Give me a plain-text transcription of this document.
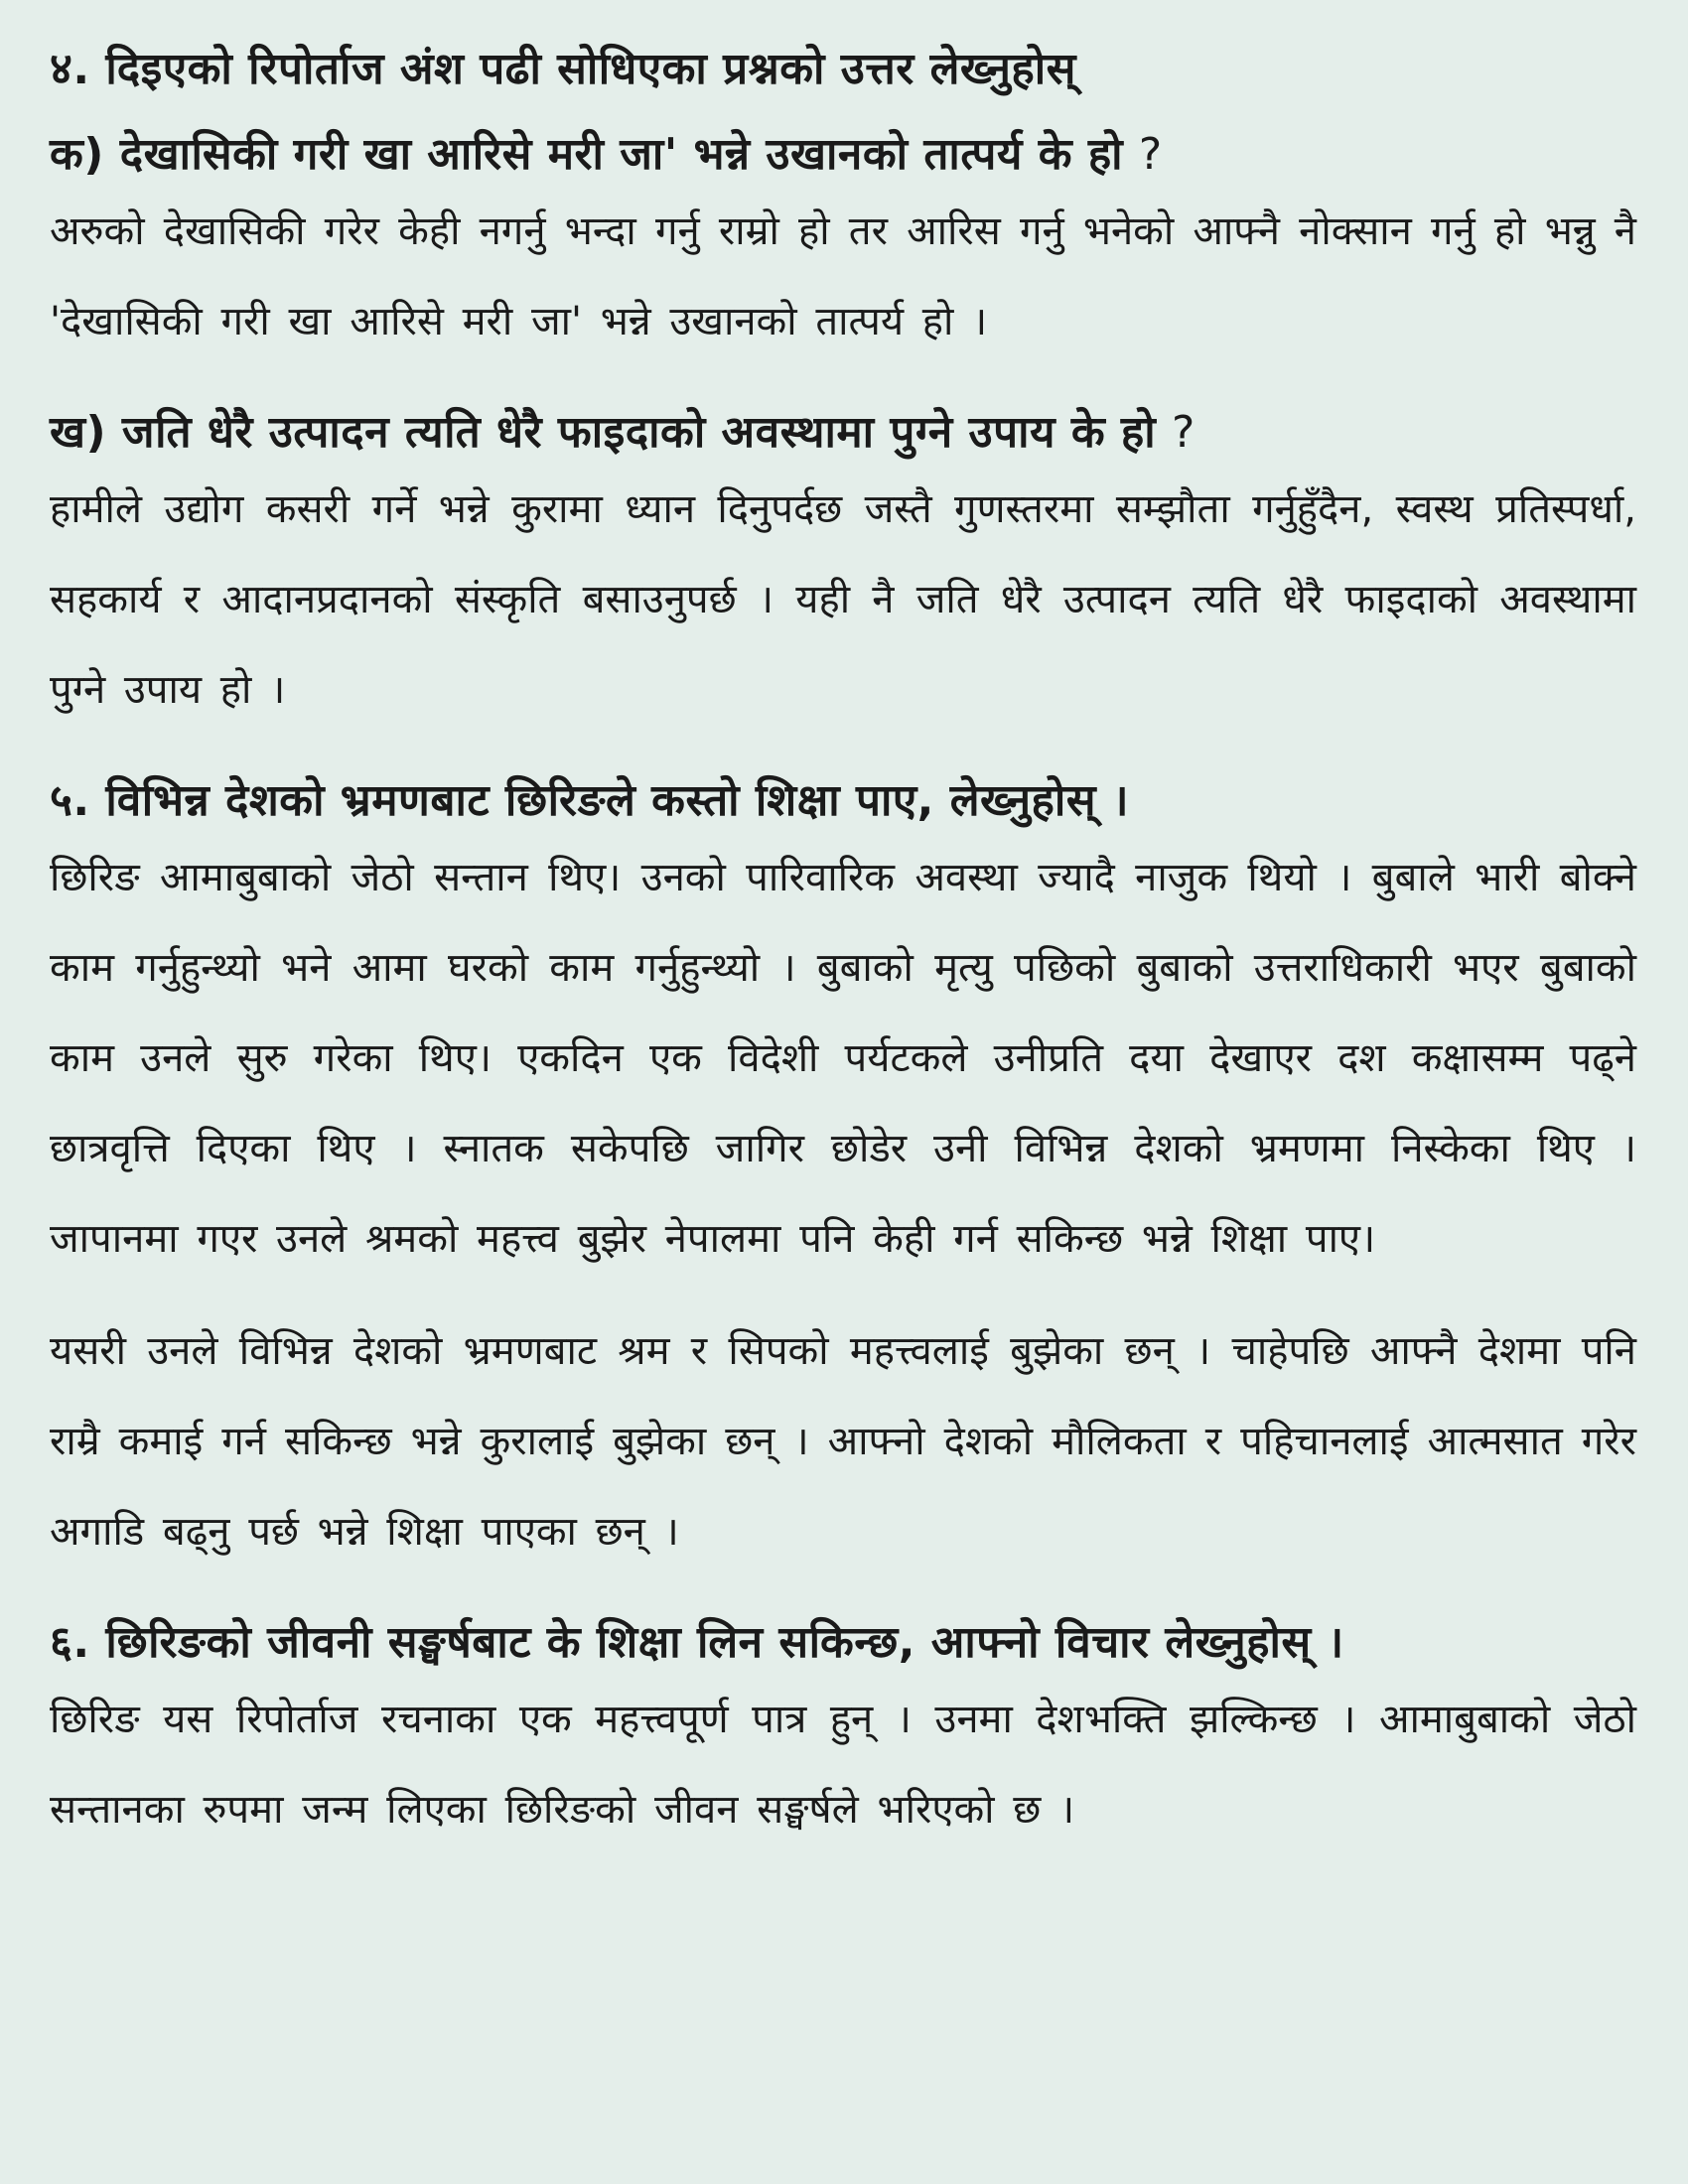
४. दिइएको रिपोर्ताज अंश पढी सोधिएका प्रश्नको उत्तर लेख्नुहोस्
क) देखासिकी गरी खा आरिसे मरी जा' भन्ने उखानको तात्पर्य के हो ?

अरुको देखासिकी गरेर केही नगर्नु भन्दा गर्नु राम्रो हो तर आरिस गर्नु भनेको आफ्नै नोक्सान गर्नु हो भन्नु नै 'देखासिकी गरी खा आरिसे मरी जा' भन्ने उखानको तात्पर्य हो ।

ख) जति धेरै उत्पादन त्यति धेरै फाइदाको अवस्थामा पुग्ने उपाय के हो ?

हामीले उद्योग कसरी गर्ने भन्ने कुरामा ध्यान दिनुपर्दछ जस्तै गुणस्तरमा सम्झौता गर्नुहुँदैन, स्वस्थ प्रतिस्पर्धा, सहकार्य र आदानप्रदानको संस्कृति बसाउनुपर्छ । यही नै जति धेरै उत्पादन त्यति धेरै फाइदाको अवस्थामा पुग्ने उपाय हो ।

५. विभिन्न देशको भ्रमणबाट छिरिङले कस्तो शिक्षा पाए, लेख्नुहोस् ।

छिरिङ आमाबुबाको जेठो सन्तान थिए। उनको पारिवारिक अवस्था ज्यादै नाजुक थियो । बुबाले भारी बोक्ने काम गर्नुहुन्थ्यो भने आमा घरको काम गर्नुहुन्थ्यो । बुबाको मृत्यु पछिको बुबाको उत्तराधिकारी भएर बुबाको काम उनले सुरु गरेका थिए। एकदिन एक विदेशी पर्यटकले उनीप्रति दया देखाएर दश कक्षासम्म पढ्ने छात्रवृत्ति दिएका थिए । स्नातक सकेपछि जागिर छोडेर उनी विभिन्न देशको भ्रमणमा निस्केका थिए । जापानमा गएर उनले श्रमको महत्त्व बुझेर नेपालमा पनि केही गर्न सकिन्छ भन्ने शिक्षा पाए।

यसरी उनले विभिन्न देशको भ्रमणबाट श्रम र सिपको महत्त्वलाई बुझेका छन् । चाहेपछि आफ्नै देशमा पनि राम्रै कमाई गर्न सकिन्छ भन्ने कुरालाई बुझेका छन् । आफ्नो देशको मौलिकता र पहिचानलाई आत्मसात गरेर अगाडि बढ्नु पर्छ भन्ने शिक्षा पाएका छन् ।

६. छिरिङको जीवनी सङ्घर्षबाट के शिक्षा लिन सकिन्छ, आफ्नो विचार लेख्नुहोस् ।

छिरिङ यस रिपोर्ताज रचनाका एक महत्त्वपूर्ण पात्र हुन् । उनमा देशभक्ति झल्किन्छ । आमाबुबाको जेठो सन्तानका रुपमा जन्म लिएका छिरिङको जीवन सङ्घर्षले भरिएको छ ।
